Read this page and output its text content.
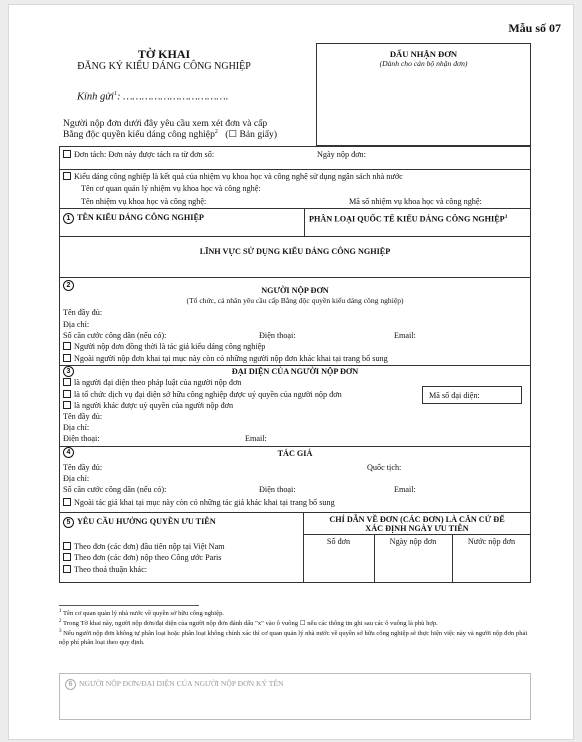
Mẫu số 07
TỜ KHAI
ĐĂNG KÝ KIỂU DÁNG CÔNG NGHIỆP
Kính gửi$^1$: …………………………….
Người nộp đơn dưới đây yêu cầu xem xét đơn và cấp
Bằng độc quyền kiểu dáng công nghiệp$^2$ (☐ Bản giấy)
DẤU NHẬN ĐƠN
(Dành cho cán bộ nhận đơn)
Đơn tách: Đơn này được tách ra từ đơn số:	Ngày nộp đơn:
Kiểu dáng công nghiệp là kết quả của nhiệm vụ khoa học và công nghệ sử dụng ngân sách nhà nước
Tên cơ quan quản lý nhiệm vụ khoa học và công nghệ:
Tên nhiệm vụ khoa học và công nghệ:	Mã số nhiệm vụ khoa học và công nghệ:
1 TÊN KIỂU DÁNG CÔNG NGHIỆP	PHÂN LOẠI QUỐC TẾ KIỂU DÁNG CÔNG NGHIỆP$^3$
LĨNH VỰC SỬ DỤNG KIỂU DÁNG CÔNG NGHIỆP
2
NGƯỜI NỘP ĐƠN
(Tổ chức, cá nhân yêu cầu cấp Bằng độc quyền kiểu dáng công nghiệp)
Tên đầy đủ:
Địa chỉ:
Số căn cước công dân (nếu có):	Điện thoại:	Email:
Người nộp đơn đồng thời là tác giả kiểu dáng công nghiệp
Ngoài người nộp đơn khai tại mục này còn có những người nộp đơn khác khai tại trang bổ sung
3	ĐẠI DIỆN CỦA NGƯỜI NỘP ĐƠN
là người đại diện theo pháp luật của người nộp đơn
là tổ chức dịch vụ đại diện sở hữu công nghiệp được uỷ quyền của người nộp đơn
là người khác được uỷ quyền của người nộp đơn
Mã số đại diện:
Tên đầy đủ:
Địa chỉ:
Điện thoại:	Email:
4	TÁC GIẢ
Tên đầy đủ:	Quốc tịch:
Địa chỉ:
Số căn cước công dân (nếu có):	Điện thoại:	Email:
Ngoài tác giả khai tại mục này còn có những tác giả khác khai tại trang bổ sung
5 YÊU CẦU HƯỞNG QUYỀN ƯU TIÊN	CHỈ DẪN VỀ ĐƠN (CÁC ĐƠN) LÀ CĂN CỨ ĐỂ
XÁC ĐỊNH NGÀY ƯU TIÊN
Số đơn	Ngày nộp đơn	Nước nộp đơn
Theo đơn (các đơn) đầu tiên nộp tại Việt Nam
Theo đơn (các đơn) nộp theo Công ước Paris
Theo thoả thuận khác:
$^1$ Tên cơ quan quản lý nhà nước về quyền sở hữu công nghiệp.
$^2$ Trong Tờ khai này, người nộp đơn/đại diện của người nộp đơn đánh dấu "x" vào ô vuông ☐ nếu các thông tin ghi sau các ô vuông là phù hợp.
$^3$ Nếu người nộp đơn không tự phân loại hoặc phân loại không chính xác thì cơ quan quản lý nhà nước về quyền sở hữu công nghiệp sẽ thực hiện việc này và người nộp đơn phải nộp phí phân loại theo quy định.
6 NGƯỜI NỘP ĐƠN/ĐẠI DIỆN CỦA NGƯỜI NỘP ĐƠN KÝ TÊN
